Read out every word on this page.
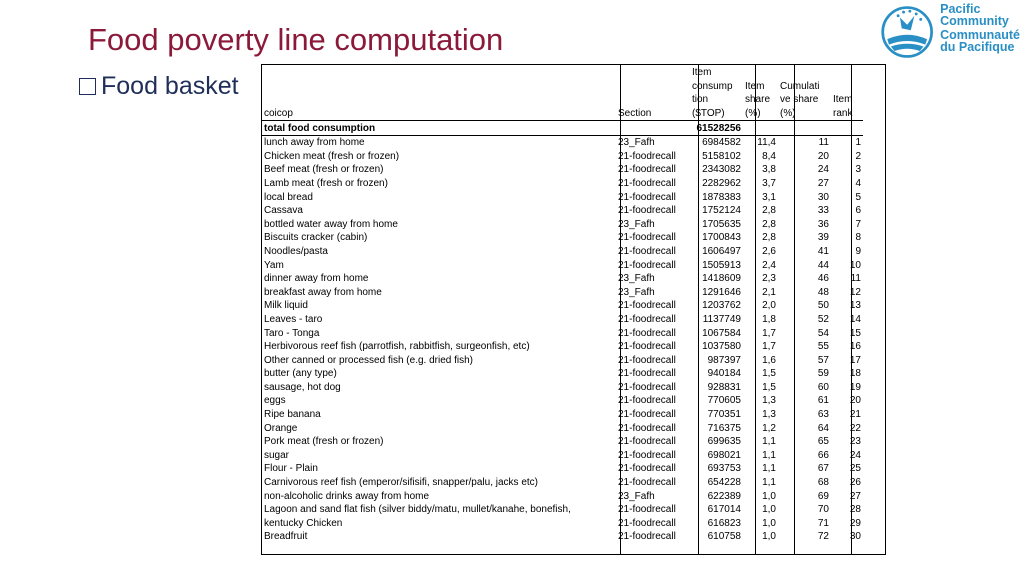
Food poverty line computation
Food basket
Pacific
Community
Communauté
du Pacifique
coicop	Section	Item consump tion ($TOP)	Item share (%)	Cumulati ve share (%)	Item rank
total food consumption		61528256			
lunch away from home	23_Fafh	6984582	11,4	11	1
Chicken meat (fresh or frozen)	21-foodrecall	5158102	8,4	20	2
Beef meat (fresh or frozen)	21-foodrecall	2343082	3,8	24	3
Lamb meat (fresh or frozen)	21-foodrecall	2282962	3,7	27	4
local bread	21-foodrecall	1878383	3,1	30	5
Cassava	21-foodrecall	1752124	2,8	33	6
bottled water away from home	23_Fafh	1705635	2,8	36	7
Biscuits cracker (cabin)	21-foodrecall	1700843	2,8	39	8
Noodles/pasta	21-foodrecall	1606497	2,6	41	9
Yam	21-foodrecall	1505913	2,4	44	10
dinner away from home	23_Fafh	1418609	2,3	46	11
breakfast away from home	23_Fafh	1291646	2,1	48	12
Milk liquid	21-foodrecall	1203762	2,0	50	13
Leaves - taro	21-foodrecall	1137749	1,8	52	14
Taro - Tonga	21-foodrecall	1067584	1,7	54	15
Herbivorous reef fish (parrotfish, rabbitfish, surgeonfish, etc)	21-foodrecall	1037580	1,7	55	16
Other canned or processed fish (e.g. dried fish)	21-foodrecall	987397	1,6	57	17
butter (any type)	21-foodrecall	940184	1,5	59	18
sausage, hot dog	21-foodrecall	928831	1,5	60	19
eggs	21-foodrecall	770605	1,3	61	20
Ripe banana	21-foodrecall	770351	1,3	63	21
Orange	21-foodrecall	716375	1,2	64	22
Pork meat (fresh or frozen)	21-foodrecall	699635	1,1	65	23
sugar	21-foodrecall	698021	1,1	66	24
Flour - Plain	21-foodrecall	693753	1,1	67	25
Carnivorous reef fish (emperor/sifisifi, snapper/palu, jacks etc)	21-foodrecall	654228	1,1	68	26
non-alcoholic drinks away from home	23_Fafh	622389	1,0	69	27
Lagoon and sand flat fish (silver biddy/matu, mullet/kanahe, bonefish,	21-foodrecall	617014	1,0	70	28
kentucky Chicken	21-foodrecall	616823	1,0	71	29
Breadfruit	21-foodrecall	610758	1,0	72	30
